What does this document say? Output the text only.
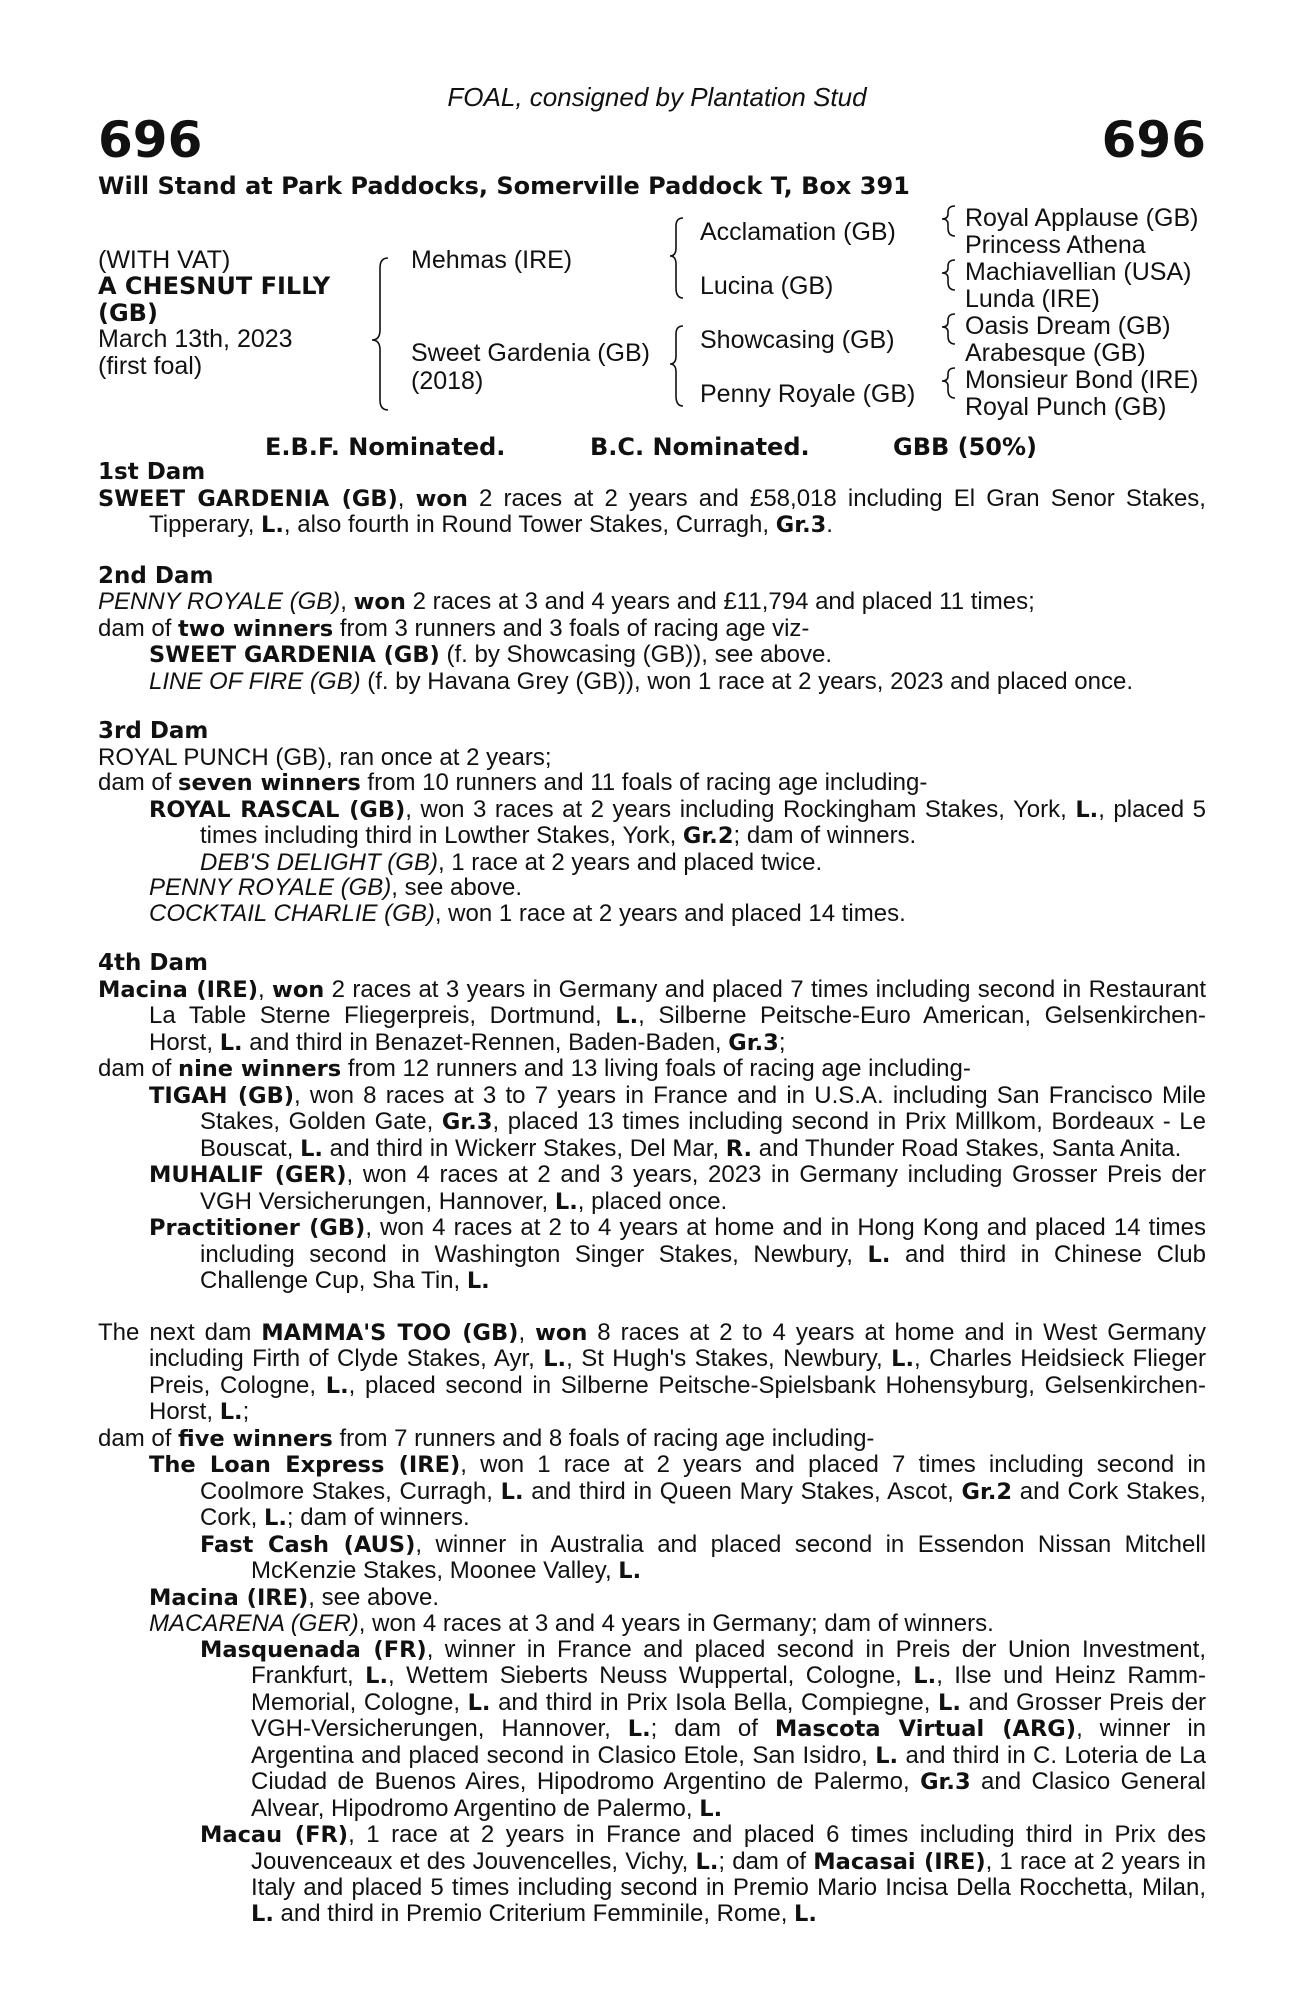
FOAL, consigned by Plantation Stud
696	696
Will Stand at Park Paddocks, Somerville Paddock T, Box 391
(WITH VAT)
A CHESNUT FILLY
(GB)
March 13th, 2023
(first foal)
Mehmas (IRE)
Sweet Gardenia (GB)
(2018)
Acclamation (GB)
Lucina (GB)
Showcasing (GB)
Penny Royale (GB)
Royal Applause (GB)
Princess Athena
Machiavellian (USA)
Lunda (IRE)
Oasis Dream (GB)
Arabesque (GB)
Monsieur Bond (IRE)
Royal Punch (GB)
E.B.F. Nominated.	B.C. Nominated.	GBB (50%)
1st Dam

SWEET GARDENIA (GB), won 2 races at 2 years and £58,018 including El Gran Senor Stakes, Tipperary, L., also fourth in Round Tower Stakes, Curragh, Gr.3.

2nd Dam

PENNY ROYALE (GB), won 2 races at 3 and 4 years and £11,794 and placed 11 times;

dam of two winners from 3 runners and 3 foals of racing age viz-

SWEET GARDENIA (GB) (f. by Showcasing (GB)), see above.

LINE OF FIRE (GB) (f. by Havana Grey (GB)), won 1 race at 2 years, 2023 and placed once.

3rd Dam

ROYAL PUNCH (GB), ran once at 2 years;

dam of seven winners from 10 runners and 11 foals of racing age including-

ROYAL RASCAL (GB), won 3 races at 2 years including Rockingham Stakes, York, L., placed 5 times including third in Lowther Stakes, York, Gr.2; dam of winners.

DEB'S DELIGHT (GB), 1 race at 2 years and placed twice.

PENNY ROYALE (GB), see above.

COCKTAIL CHARLIE (GB), won 1 race at 2 years and placed 14 times.

4th Dam

Macina (IRE), won 2 races at 3 years in Germany and placed 7 times including second in Restaurant La Table Sterne Fliegerpreis, Dortmund, L., Silberne Peitsche-Euro American, Gelsenkirchen-Horst, L. and third in Benazet-Rennen, Baden-Baden, Gr.3;

dam of nine winners from 12 runners and 13 living foals of racing age including-

TIGAH (GB), won 8 races at 3 to 7 years in France and in U.S.A. including San Francisco Mile Stakes, Golden Gate, Gr.3, placed 13 times including second in Prix Millkom, Bordeaux - Le Bouscat, L. and third in Wickerr Stakes, Del Mar, R. and Thunder Road Stakes, Santa Anita.

MUHALIF (GER), won 4 races at 2 and 3 years, 2023 in Germany including Grosser Preis der VGH Versicherungen, Hannover, L., placed once.

Practitioner (GB), won 4 races at 2 to 4 years at home and in Hong Kong and placed 14 times including second in Washington Singer Stakes, Newbury, L. and third in Chinese Club Challenge Cup, Sha Tin, L.

The next dam MAMMA'S TOO (GB), won 8 races at 2 to 4 years at home and in West Germany including Firth of Clyde Stakes, Ayr, L., St Hugh's Stakes, Newbury, L., Charles Heidsieck Flieger Preis, Cologne, L., placed second in Silberne Peitsche-Spielsbank Hohensyburg, Gelsenkirchen-Horst, L.;

dam of five winners from 7 runners and 8 foals of racing age including-

The Loan Express (IRE), won 1 race at 2 years and placed 7 times including second in Coolmore Stakes, Curragh, L. and third in Queen Mary Stakes, Ascot, Gr.2 and Cork Stakes, Cork, L.; dam of winners.

Fast Cash (AUS), winner in Australia and placed second in Essendon Nissan Mitchell McKenzie Stakes, Moonee Valley, L.

Macina (IRE), see above.

MACARENA (GER), won 4 races at 3 and 4 years in Germany; dam of winners.

Masquenada (FR), winner in France and placed second in Preis der Union Investment, Frankfurt, L., Wettem Sieberts Neuss Wuppertal, Cologne, L., Ilse und Heinz Ramm-Memorial, Cologne, L. and third in Prix Isola Bella, Compiegne, L. and Grosser Preis der VGH-Versicherungen, Hannover, L.; dam of Mascota Virtual (ARG), winner in Argentina and placed second in Clasico Etole, San Isidro, L. and third in C. Loteria de La Ciudad de Buenos Aires, Hipodromo Argentino de Palermo, Gr.3 and Clasico General Alvear, Hipodromo Argentino de Palermo, L.

Macau (FR), 1 race at 2 years in France and placed 6 times including third in Prix des Jouvenceaux et des Jouvencelles, Vichy, L.; dam of Macasai (IRE), 1 race at 2 years in Italy and placed 5 times including second in Premio Mario Incisa Della Rocchetta, Milan, L. and third in Premio Criterium Femminile, Rome, L.
